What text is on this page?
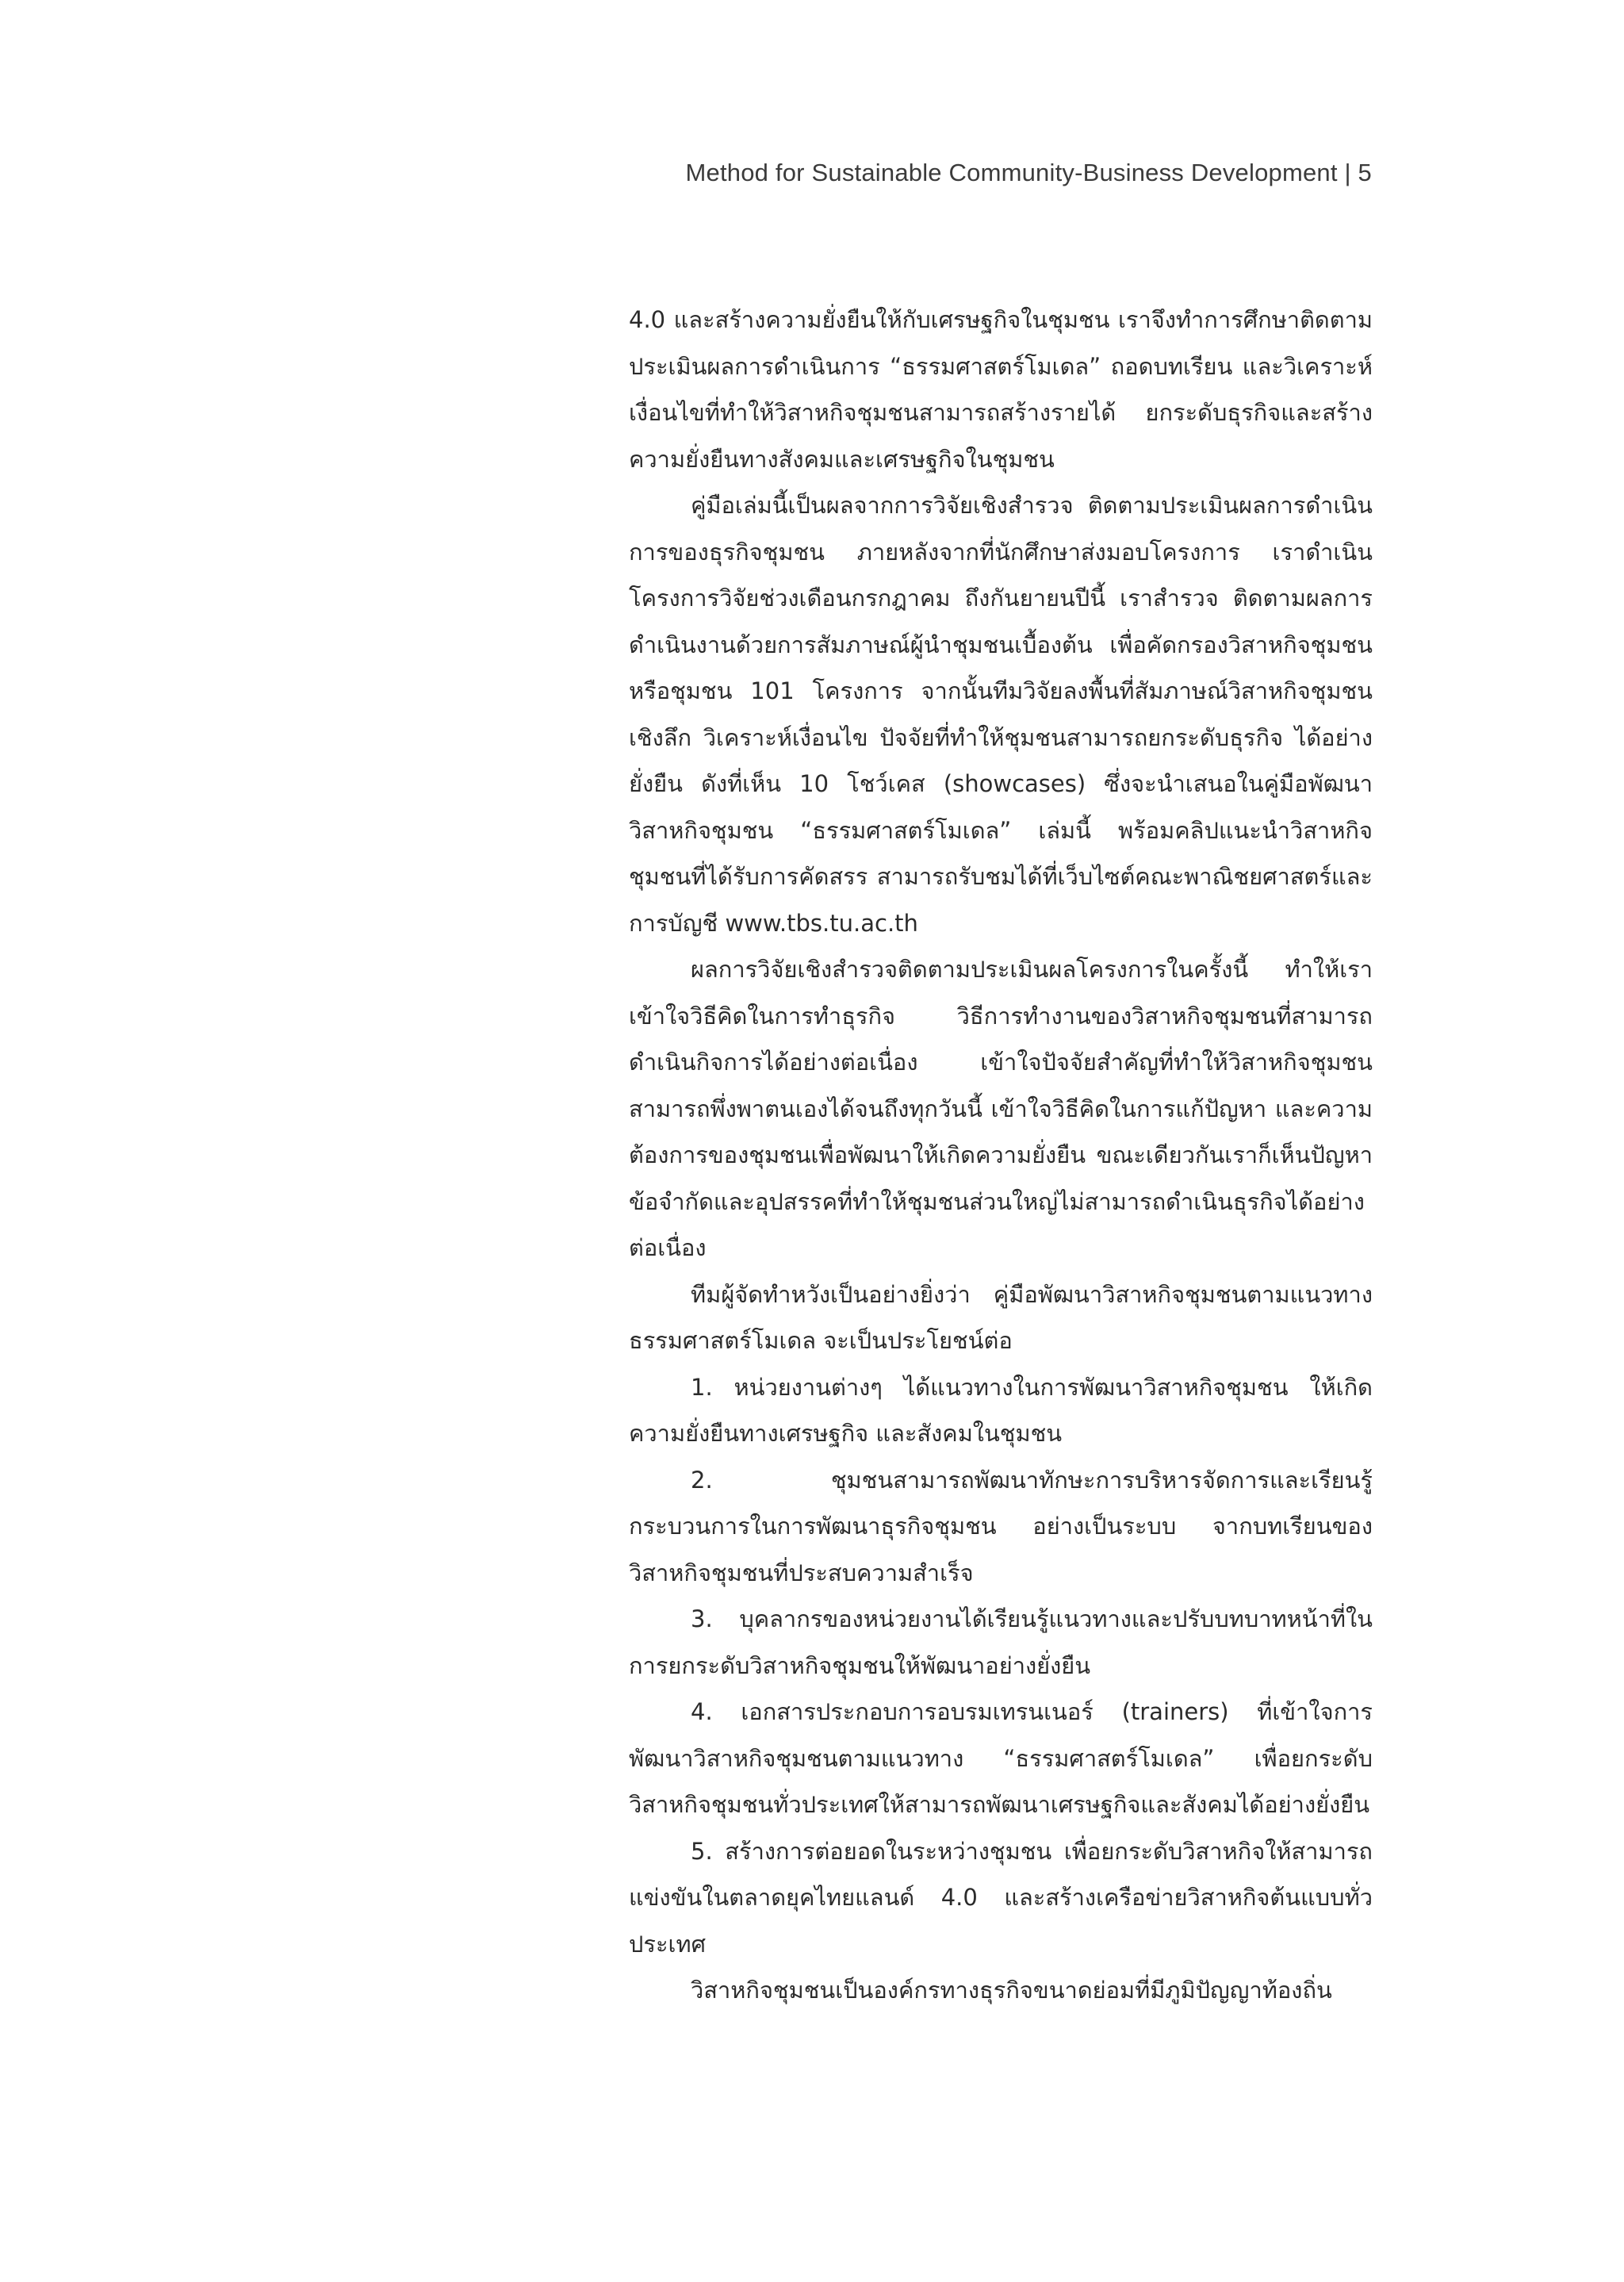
Method for Sustainable Community-Business Development | 5

4.0 และสร้างความยั่งยืนให้กับเศรษฐกิจในชุมชน เราจึงทำการศึกษาติดตามประเมินผลการดำเนินการ “ธรรมศาสตร์โมเดล” ถอดบทเรียน และวิเคราะห์เงื่อนไขที่ทำให้วิสาหกิจชุมชนสามารถสร้างรายได้ ยกระดับธุรกิจและสร้างความยั่งยืนทางสังคมและเศรษฐกิจในชุมชน

คู่มือเล่มนี้เป็นผลจากการวิจัยเชิงสำรวจ ติดตามประเมินผลการดำเนินการของธุรกิจชุมชน ภายหลังจากที่นักศึกษาส่งมอบโครงการ เราดำเนินโครงการวิจัยช่วงเดือนกรกฎาคม ถึงกันยายนปีนี้ เราสำรวจ ติดตามผลการดำเนินงานด้วยการสัมภาษณ์ผู้นำชุมชนเบื้องต้น เพื่อคัดกรองวิสาหกิจชุมชนหรือชุมชน 101 โครงการ จากนั้นทีมวิจัยลงพื้นที่สัมภาษณ์วิสาหกิจชุมชนเชิงลึก วิเคราะห์เงื่อนไข ปัจจัยที่ทำให้ชุมชนสามารถยกระดับธุรกิจ ได้อย่างยั่งยืน ดังที่เห็น 10 โชว์เคส (showcases) ซึ่งจะนำเสนอในคู่มือพัฒนาวิสาหกิจชุมชน “ธรรมศาสตร์โมเดล” เล่มนี้ พร้อมคลิปแนะนำวิสาหกิจชุมชนที่ได้รับการคัดสรร สามารถรับชมได้ที่เว็บไซต์คณะพาณิชยศาสตร์และการบัญชี www.tbs.tu.ac.th

ผลการวิจัยเชิงสำรวจติดตามประเมินผลโครงการในครั้งนี้ ทำให้เราเข้าใจวิธีคิดในการทำธุรกิจ วิธีการทำงานของวิสาหกิจชุมชนที่สามารถดำเนินกิจการได้อย่างต่อเนื่อง เข้าใจปัจจัยสำคัญที่ทำให้วิสาหกิจชุมชนสามารถพึ่งพาตนเองได้จนถึงทุกวันนี้ เข้าใจวิธีคิดในการแก้ปัญหา และความต้องการของชุมชนเพื่อพัฒนาให้เกิดความยั่งยืน ขณะเดียวกันเราก็เห็นปัญหา ข้อจำกัดและอุปสรรคที่ทำให้ชุมชนส่วนใหญ่ไม่สามารถดำเนินธุรกิจได้อย่างต่อเนื่อง

ทีมผู้จัดทำหวังเป็นอย่างยิ่งว่า คู่มือพัฒนาวิสาหกิจชุมชนตามแนวทางธรรมศาสตร์โมเดล จะเป็นประโยชน์ต่อ

1. หน่วยงานต่างๆ ได้แนวทางในการพัฒนาวิสาหกิจชุมชน ให้เกิดความยั่งยืนทางเศรษฐกิจ และสังคมในชุมชน

2. ชุมชนสามารถพัฒนาทักษะการบริหารจัดการและเรียนรู้กระบวนการในการพัฒนาธุรกิจชุมชน อย่างเป็นระบบ จากบทเรียนของวิสาหกิจชุมชนที่ประสบความสำเร็จ

3. บุคลากรของหน่วยงานได้เรียนรู้แนวทางและปรับบทบาทหน้าที่ในการยกระดับวิสาหกิจชุมชนให้พัฒนาอย่างยั่งยืน

4. เอกสารประกอบการอบรมเทรนเนอร์ (trainers) ที่เข้าใจการพัฒนาวิสาหกิจชุมชนตามแนวทาง “ธรรมศาสตร์โมเดล” เพื่อยกระดับวิสาหกิจชุมชนทั่วประเทศให้สามารถพัฒนาเศรษฐกิจและสังคมได้อย่างยั่งยืน

5. สร้างการต่อยอดในระหว่างชุมชน เพื่อยกระดับวิสาหกิจให้สามารถแข่งขันในตลาดยุคไทยแลนด์ 4.0 และสร้างเครือข่ายวิสาหกิจต้นแบบทั่วประเทศ

วิสาหกิจชุมชนเป็นองค์กรทางธุรกิจขนาดย่อมที่มีภูมิปัญญาท้องถิ่น
